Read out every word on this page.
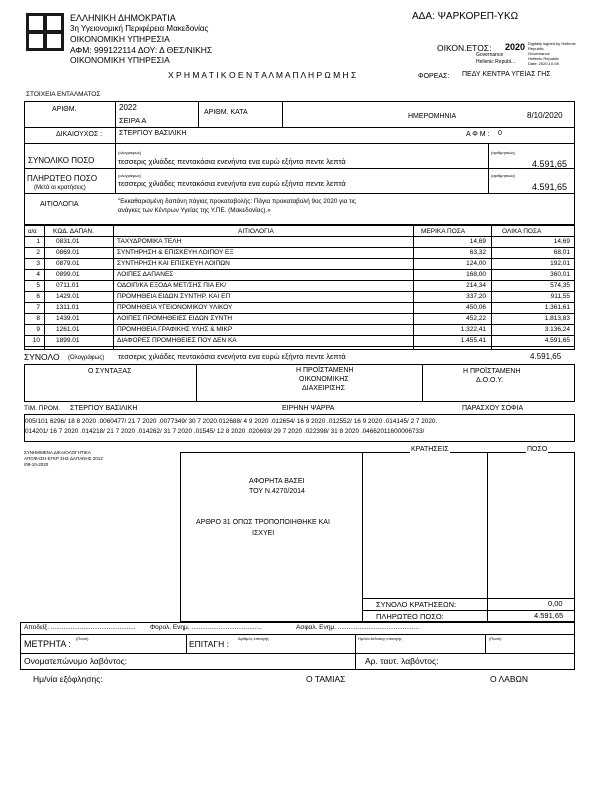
ΕΛΛΗΝΙΚΗ ΔΗΜΟΚΡΑΤΙΑ
3η Υγειονομική Περιφέρεια Μακεδονίας
ΟΙΚΟΝΟΜΙΚΗ ΥΠΗΡΕΣΙΑ
ΑΦΜ: 999122114 ΔΟΥ: Δ ΘΕΣ/ΝΙΚΗΣ
ΟΙΚΟΝΟΜΙΚΗ ΥΠΗΡΕΣΙΑ
ΑΔΑ: ΨΑΡΚΟΡΕΠ-ΥΚΩ
ΟΙΚΟΝ.ΕΤΟΣ: 2020 Digitally signed by Hellenic
Republic
Governance
Hellenic Republic
Date: 2020.10.08
Governance
Hellenic Republ...
Χ Ρ Η Μ Α Τ Ι Κ Ο Ε Ν Τ Α Λ Μ Α Π Λ Η Ρ Ω Μ Η Σ	ΦΟΡΕΑΣ: ΠΕΔΥ ΚΕΝΤΡΑ ΥΓΕΙΑΣ ΓΗΣ
ΣΤΟΙΧΕΙΑ ΕΝΤΑΛΜΑΤΟΣ
ΑΡΙΘΜ.	2022
ΣΕΙΡΑ Α
ΑΡΙΘΜ. ΚΑΤΑ
ΗΜΕΡΟΜΗΝΙΑ	8/10/2020
ΔΙΚΑΙΟΥΧΟΣ : ΣΤΕΡΓΙΟΥ ΒΑΣΙΛΙΚΗ	Α Φ Μ : 0
ΣΥΝΟΛΙΚΟ ΠΟΣΟ
(ολογράφως)
τεσσερις χιλιάδες πεντακόσια ενενήντα ενα ευρώ εξήντα πεντε λεπτά
(αριθμητικώς)
4.591,65
ΠΛΗΡΩΤΕΟ ΠΟΣΟ
(Μετά αι κρατήσεις)
(ολογράφως)
τεσσερις χιλιάδες πεντακόσια ενενήντα ενα ευρώ εξήντα πεντε λεπτά
(αριθμητικώς)
4.591,65
ΑΙΤΙΟΛΟΓΙΑ	"Εκκαθαρισμένη δαπάνη πάγιας προκαταβολής: Πάγια προκαταβολή 9ος 2020 για τις
ανάγκες των Κέντρων Υγείας της Υ.ΠΕ. (Μακεδονίας).»
α/α	ΚΩΔ. ΔΑΠΑΝ.	ΑΙΤΙΟΛΟΓΙΑ	ΜΕΡΙΚΑ ΠΟΣΑ	ΟΛΙΚΑ ΠΟΣΑ
1	0831.01	ΤΑΧΥΔΡΟΜΙΚΑ ΤΕΛΗ	14,69	14,69
2	0869.01	ΣΥΝΤΗΡΗΣΗ & ΕΠΙΣΚΕΥΗ ΛΟΙΠΟΥ ΕΞ	63,32	68,01
3	0879.01	ΣΥΝΤΗΡΗΣΗ ΚΑΙ ΕΠΙΣΚΕΥΗ ΛΟΙΠΩΝ	124,00	192,01
4	0899.01	ΛΟΙΠΕΣ ΔΑΠΑΝΕΣ	168,00	360,01
5	0711.01	ΟΔΟΙΠ/ΚΑ ΕΞΟΔΑ ΜΕΤ/ΣΗΣ ΠΙΑ ΕΚ/	214,34	574,35
6	1429.01	ΠΡΟΜΗΘΕΙΑ ΕΙΔΩΝ ΣΥΝΤΗΡ. ΚΑΙ ΕΠ	337,20	911,55
7	1311.01	ΠΡΟΜΗΘΕΙΑ ΥΓΕΙΟΝΟΜΙΚΟΥ ΥΛΙΚΟΥ	450,06	1.361,61
8	1439.01	ΛΟΙΠΕΣ ΠΡΟΜΗΘΕΙΕΣ ΕΙΔΩΝ ΣΥΝΤΗ	452,22	1.813,83
9	1261.01	ΠΡΟΜΗΘΕΙΑ ΓΡΑΦΙΚΗΣ ΥΛΗΣ & ΜΙΚΡ	1.322,41	3.136,24
10	1899.01	ΔΙΑΦΟΡΕΣ ΠΡΟΜΗΘΕΙΕΣ ΠΟΥ ΔΕΝ ΚΑ	1.455,41	4.591,65
ΣΥΝΟΛΟ (Ολογράφως) τεσσερις χιλιάδες πεντακόσια ενενήντα ενα ευρώ εξήντα πεντε λεπτά	4.591,65
Ο ΣΥΝΤΑΞΑΣ	Η ΠΡΟΪΣΤΑΜΕΝΗ
ΟΙΚΟΝΟΜΙΚΗΣ
ΔΙΑΧΕΙΡΙΣΗΣ
Η ΠΡΟΪΣΤΑΜΕΝΗ
Δ.Ο.Ο.Υ.
ΤΙΜ. ΠΡΟΜ. ΣΤΕΡΓΙΟΥ ΒΑΣΙΛΙΚΗ	ΕΙΡΗΝΗ ΨΑΡΡΑ	ΠΑΡΑΣΧΟΥ ΣΟΦΙΑ
005/101 6296/ 18 8 2020 .0060477/ 21 7 2020 .0077349/ 30 7 2020.012688/ 4 9 2020 .012654/ 16 9 2020 .012552/ 16 9 2020 .014145/ 2 7 2020.
014201/ 16 7 2020 .014218/ 21 7 2020 .014262/ 31 7 2020 .01545/ 12 8 2020 .020693/ 29 7 2020 .022398/ 31 8 2020 .04662011600006733/
ΣΥΝΗΜΜΕΝΑ ΔΙΚΑΙΟΛΟΓΗΤΙΚΑ
ΑΠΟΦΑΣΗ ΕΓΚΡ ΣΗΣ ΔΑΠΑΝΗΣ 2012
/09-10-2020
ΚΡΑΤΗΣΕΙΣ	ΠΟΣΟ
ΑΦΟΡΗΤΑ ΒΑΣΕΙ
ΤΟΥ Ν.4270/2014
ΑΡΘΡΟ 31 ΟΠΩΣ ΤΡΟΠΟΠΟΙΗΘΗΚΕ ΚΑΙ
ΙΣΧΥΕΙ
ΣΥΝΟΛΟ ΚΡΑΤΗΣΕΩΝ:	0,00
ΠΛΗΡΩΤΕΟ ΠΟΣΟ:	4.591,65
Αποδείξ. ............................................... Φορολ. Ενημ. .......................................	Ασφαλ. Ενημ. .............................................
ΜΕΤΡΗΤΑ :
(Ποσό)
ΕΠΙΤΑΓΗ :
Αριθμός επιταγής	Ημ/νία έκδοσης επιταγής	(Ποσό)
Ονοματεπώνυμο λαβόντος:	Αρ. ταυτ. λαβόντος:
Ημ/νία εξόφλησης:	Ο ΤΑΜΙΑΣ	Ο ΛΑΒΩΝ
